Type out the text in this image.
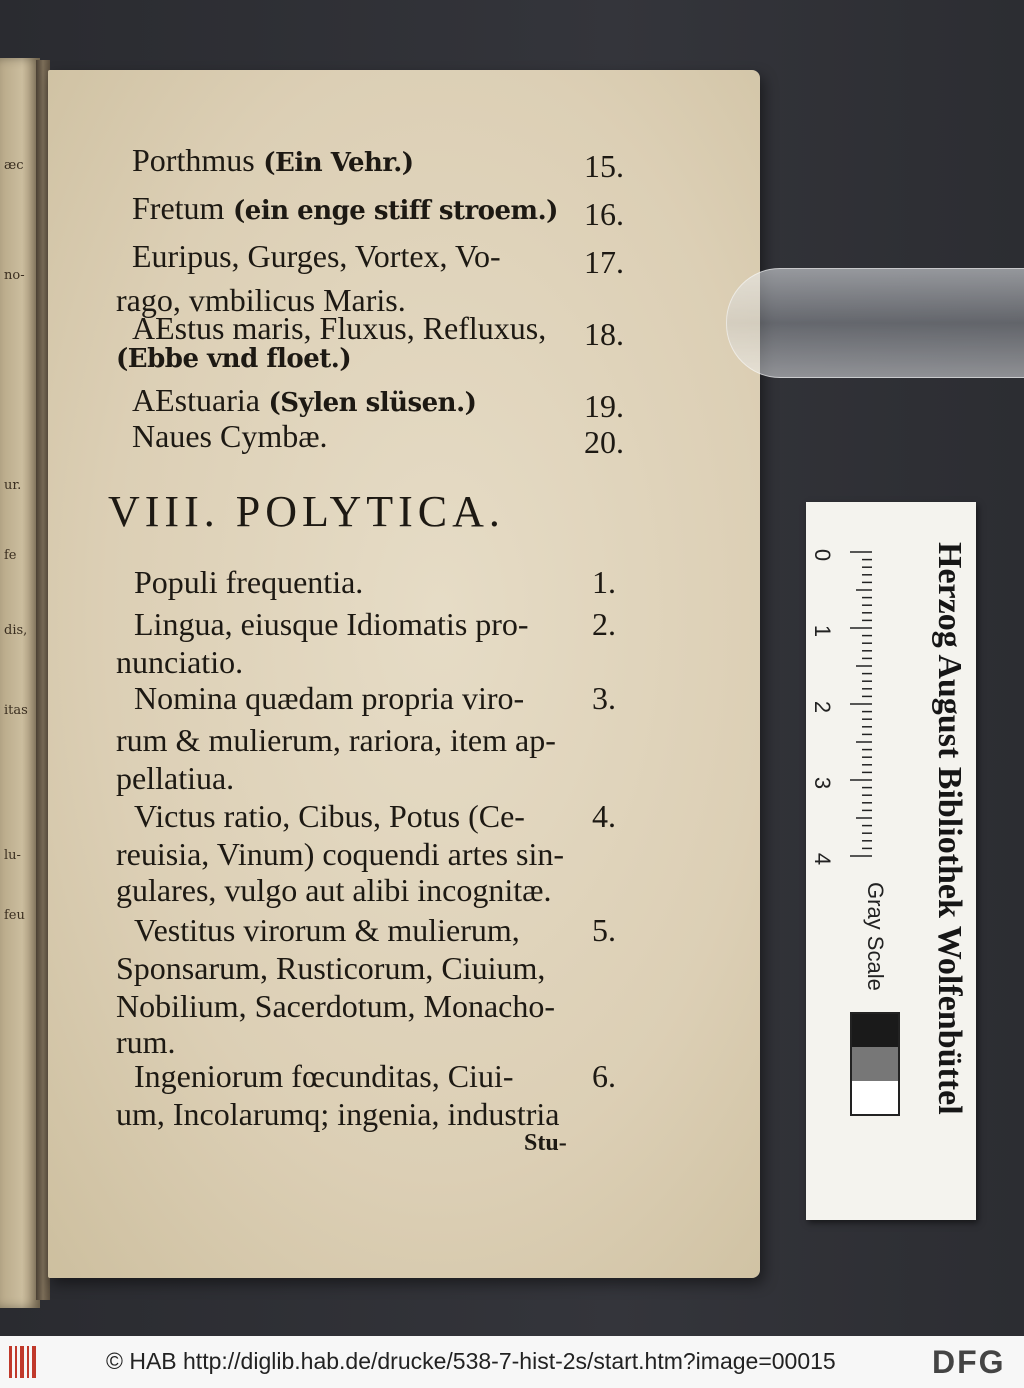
æc
no-
ur.
fe
dis,
itas
lu-
feu
VIII. POLYTICA.
Stu-
0
1
2
3
4
Gray Scale	Herzog August Bibliothek Wolfenbüttel
© HAB http://diglib.hab.de/drucke/538-7-hist-2s/start.htm?image=00015	DFG
Porthmus (Ein Vehr.)	15.
Fretum (ein enge stiff stroem.) 16.
Euripus, Gurges, Vortex, Vo-	17.
rago, vmbilicus Maris.
AEstus maris, Fluxus, Refluxus, 18.
(Ebbe vnd floet.)
AEstuaria (Sylen slüsen.)	19.
Naues Cymbæ.	20.
Populi frequentia.	1.
Lingua, eiusque Idiomatis pro- 2.
nunciatio.
Nomina quædam propria viro- 3.
rum & mulierum, rariora, item ap-
pellatiua.
Victus ratio, Cibus, Potus (Ce- 4.
reuisia, Vinum) coquendi artes sin-
gulares, vulgo aut alibi incognitæ.
Vestitus virorum & mulierum, 5.
Sponsarum, Rusticorum, Ciuium,
Nobilium, Sacerdotum, Monacho-
rum.
Ingeniorum fœcunditas, Ciui- 6.
um, Incolarumq; ingenia, industria
